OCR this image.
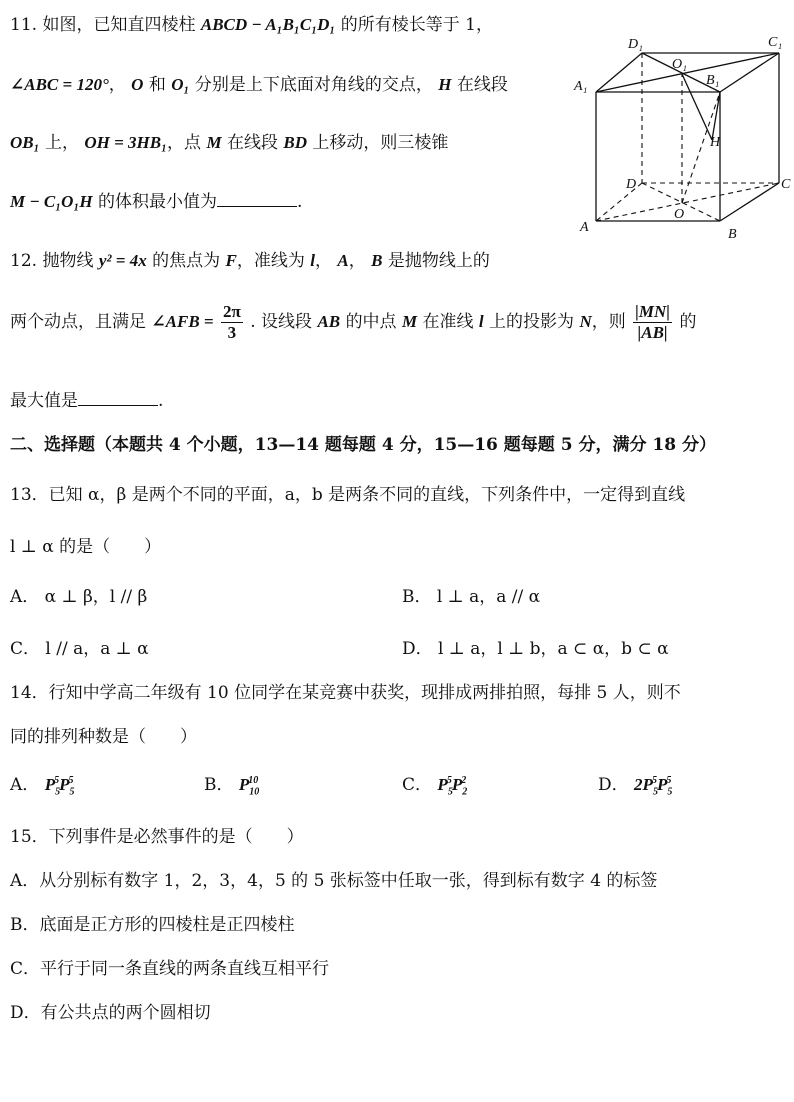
11. 如图，已知直四棱柱 ABCD − A₁B₁C₁D₁ 的所有棱长等于 1，
∠ABC = 120°， O 和 O₁ 分别是上下底面对角线的交点， H 在线段
OB₁ 上， OH = 3HB₁，点 M 在线段 BD 上移动，则三棱锥
M − C₁O₁H 的体积最小值为	.
D₁	C₁
O₁
B₁
A₁
H
D	C
O
A	B
12. 抛物线 y² = 4x 的焦点为 F，准线为 l， A， B 是抛物线上的
两个动点，且满足 ∠AFB = $\frac{2\pi}{3}$ . 设线段 AB 的中点 M 在准线 l 上的投影为 N，则 $\frac{|MN|}{|AB|}$ 的
最大值是	.
二、选择题（本题共 4 个小题，13—14 题每题 4 分，15—16 题每题 5 分，满分 18 分）
13．已知 α，β 是两个不同的平面，a，b 是两条不同的直线，下列条件中，一定得到直线
l ⊥ α 的是（　　）
A． α ⊥ β，l // β	B． l ⊥ a，a // α
C． l // a，a ⊥ α	D． l ⊥ a，l ⊥ b，a ⊂ α，b ⊂ α
14．行知中学高二年级有 10 位同学在某竞赛中获奖，现排成两排拍照，每排 5 人，则不
同的排列种数是（　　）
A． $P_5^5P_5^5$	B． $P_{10}^{10}$	C． $P_5^5P_2^2$	D． $2P_5^5P_5^5$
15．下列事件是必然事件的是（　　）
A．从分别标有数字 1，2，3，4，5 的 5 张标签中任取一张，得到标有数字 4 的标签
B．底面是正方形的四棱柱是正四棱柱
C．平行于同一条直线的两条直线互相平行
D．有公共点的两个圆相切
